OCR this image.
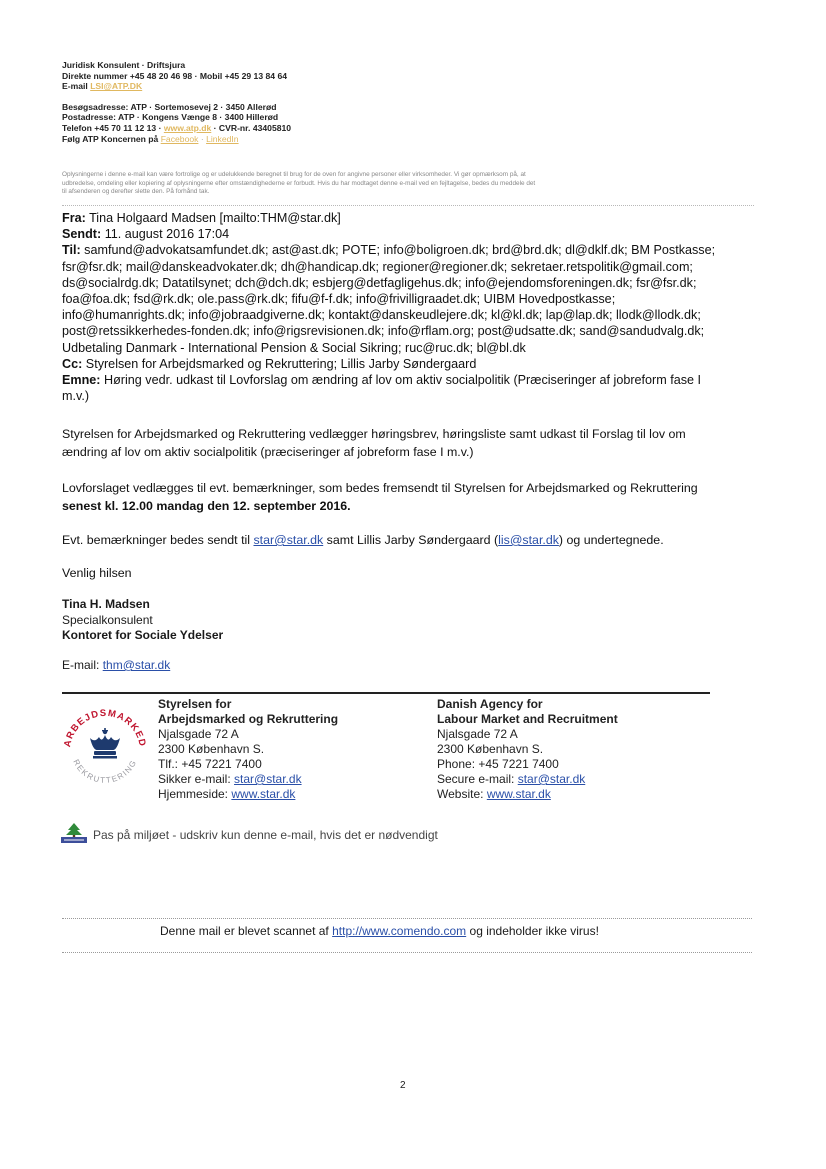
Juridisk Konsulent · Driftsjura
Direkte nummer +45 48 20 46 98 · Mobil +45 29 13 84 64
E-mail LSI@ATP.DK
Besøgsadresse: ATP · Sortemosevej 2 · 3450 Allerød
Postadresse: ATP · Kongens Vænge 8 · 3400 Hillerød
Telefon +45 70 11 12 13 · www.atp.dk · CVR-nr. 43405810
Følg ATP Koncernen på Facebook · LinkedIn
Oplysningerne i denne e-mail kan være fortrolige og er udelukkende beregnet til brug for de oven for angivne personer eller virksomheder. Vi gør opmærksom på, at
udbredelse, omdeling eller kopiering af oplysningerne efter omstændighederne er forbudt. Hvis du har modtaget denne e-mail ved en fejltagelse, bedes du meddele det
til afsenderen og derefter slette den. På forhånd tak.
Fra: Tina Holgaard Madsen [mailto:THM@star.dk]
Sendt: 11. august 2016 17:04
Til: samfund@advokatsamfundet.dk; ast@ast.dk; POTE; info@boligroen.dk; brd@brd.dk; dl@dklf.dk; BM Postkasse;
fsr@fsr.dk; mail@danskeadvokater.dk; dh@handicap.dk; regioner@regioner.dk; sekretaer.retspolitik@gmail.com;
ds@socialrdg.dk; Datatilsynet; dch@dch.dk; esbjerg@detfagligehus.dk; info@ejendomsforeningen.dk; fsr@fsr.dk;
foa@foa.dk; fsd@rk.dk; ole.pass@rk.dk; fifu@f-f.dk; info@frivilligraadet.dk; UIBM Hovedpostkasse;
info@humanrights.dk; info@jobraadgiverne.dk; kontakt@danskeudlejere.dk; kl@kl.dk; lap@lap.dk; llodk@llodk.dk;
post@retssikkerhedes-fonden.dk; info@rigsrevisionen.dk; info@rflam.org; post@udsatte.dk; sand@sandudvalg.dk;
Udbetaling Danmark - International Pension & Social Sikring; ruc@ruc.dk; bl@bl.dk
Cc: Styrelsen for Arbejdsmarked og Rekruttering; Lillis Jarby Søndergaard
Emne: Høring vedr. udkast til Lovforslag om ændring af lov om aktiv socialpolitik (Præciseringer af jobreform fase I
m.v.)
Styrelsen for Arbejdsmarked og Rekruttering vedlægger høringsbrev, høringsliste samt udkast til Forslag til lov om
ændring af lov om aktiv socialpolitik (præciseringer af jobreform fase I m.v.)
Lovforslaget vedlægges til evt. bemærkninger, som bedes fremsendt til Styrelsen for Arbejdsmarked og Rekruttering
senest kl. 12.00 mandag den 12. september 2016.
Evt. bemærkninger bedes sendt til star@star.dk samt Lillis Jarby Søndergaard (lis@star.dk) og undertegnede.
Venlig hilsen
Tina H. Madsen
Specialkonsulent
Kontoret for Sociale Ydelser
E-mail: thm@star.dk
ARBEJDSMARKED
REKRUTTERING
Styrelsen for
Arbejdsmarked og Rekruttering
Njalsgade 72 A
2300 København S.
Tlf.: +45 7221 7400
Sikker e-mail: star@star.dk
Hjemmeside: www.star.dk
Danish Agency for
Labour Market and Recruitment
Njalsgade 72 A
2300 København S.
Phone: +45 7221 7400
Secure e-mail: star@star.dk
Website: www.star.dk
Pas på miljøet - udskriv kun denne e-mail, hvis det er nødvendigt
Denne mail er blevet scannet af http://www.comendo.com og indeholder ikke virus!
2
